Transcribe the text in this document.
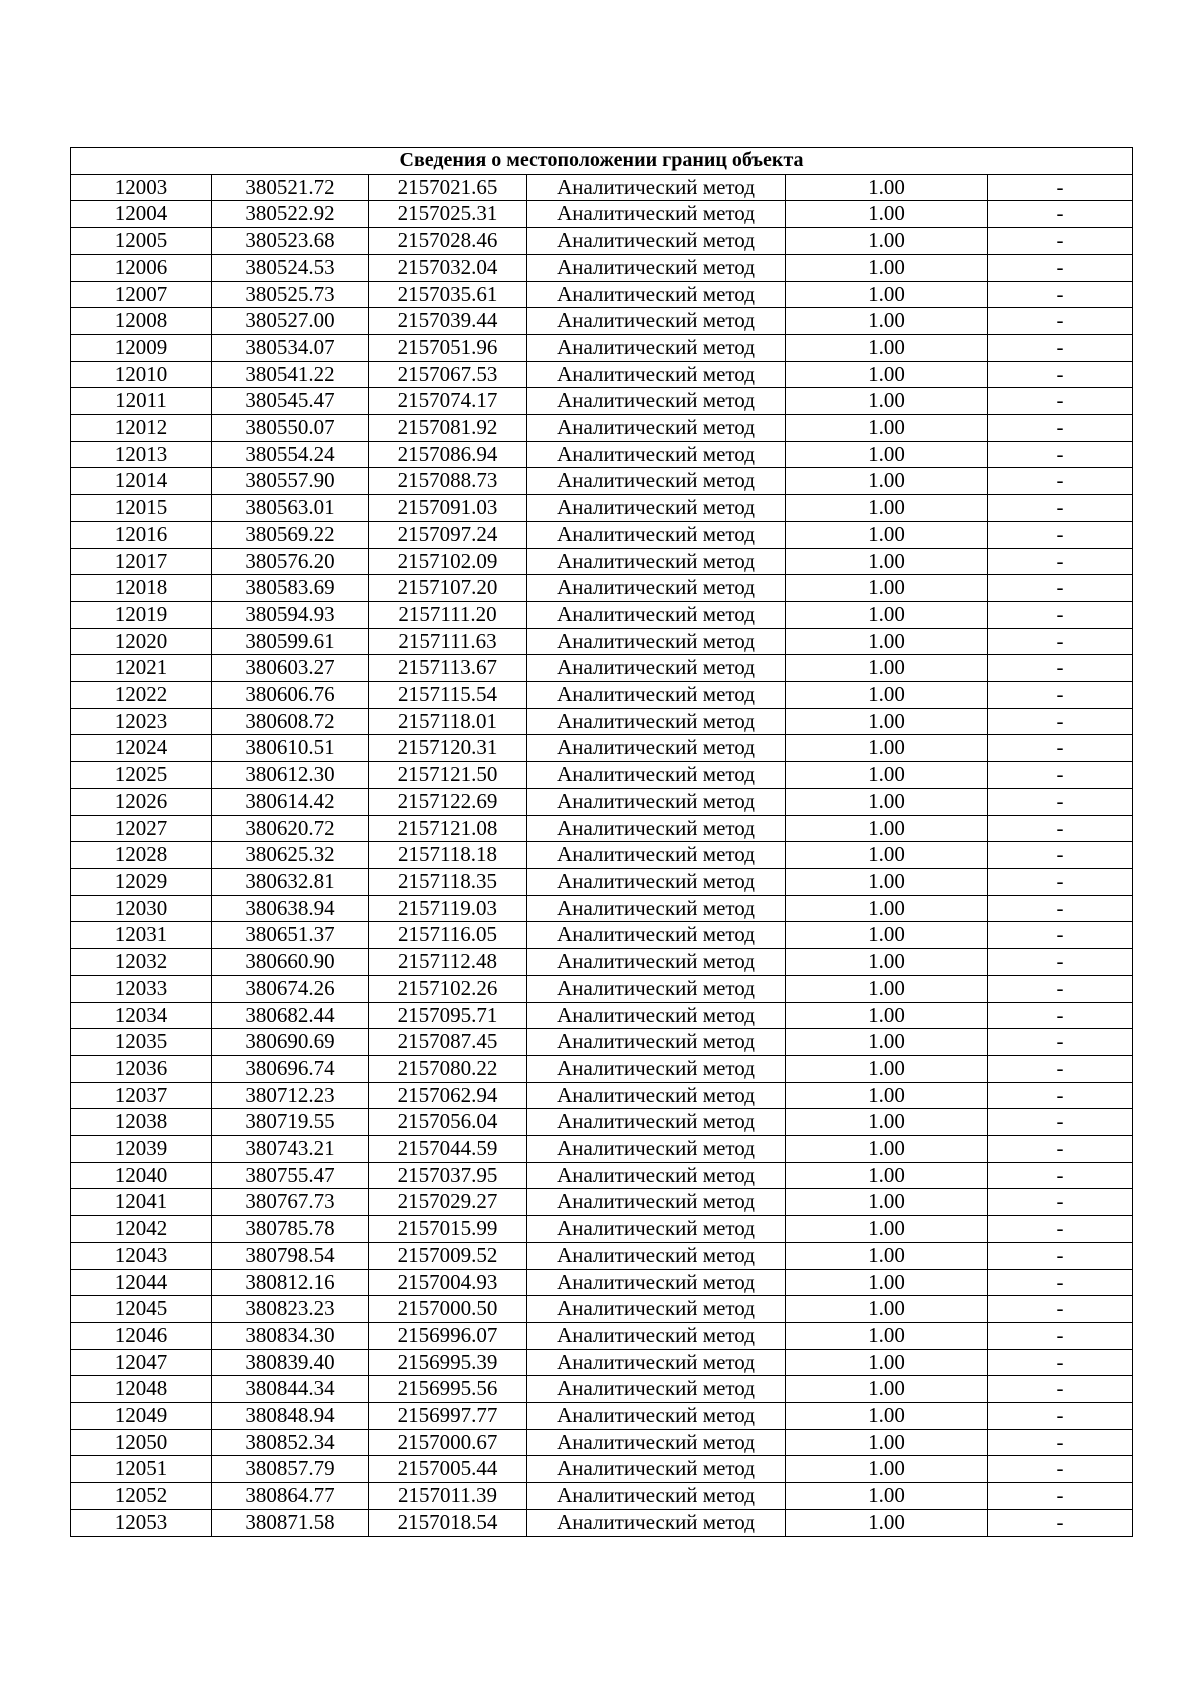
Сведения о местоположении границ объекта					
12003	380521.72	2157021.65	Аналитический метод	1.00	-
12004	380522.92	2157025.31	Аналитический метод	1.00	-
12005	380523.68	2157028.46	Аналитический метод	1.00	-
12006	380524.53	2157032.04	Аналитический метод	1.00	-
12007	380525.73	2157035.61	Аналитический метод	1.00	-
12008	380527.00	2157039.44	Аналитический метод	1.00	-
12009	380534.07	2157051.96	Аналитический метод	1.00	-
12010	380541.22	2157067.53	Аналитический метод	1.00	-
12011	380545.47	2157074.17	Аналитический метод	1.00	-
12012	380550.07	2157081.92	Аналитический метод	1.00	-
12013	380554.24	2157086.94	Аналитический метод	1.00	-
12014	380557.90	2157088.73	Аналитический метод	1.00	-
12015	380563.01	2157091.03	Аналитический метод	1.00	-
12016	380569.22	2157097.24	Аналитический метод	1.00	-
12017	380576.20	2157102.09	Аналитический метод	1.00	-
12018	380583.69	2157107.20	Аналитический метод	1.00	-
12019	380594.93	2157111.20	Аналитический метод	1.00	-
12020	380599.61	2157111.63	Аналитический метод	1.00	-
12021	380603.27	2157113.67	Аналитический метод	1.00	-
12022	380606.76	2157115.54	Аналитический метод	1.00	-
12023	380608.72	2157118.01	Аналитический метод	1.00	-
12024	380610.51	2157120.31	Аналитический метод	1.00	-
12025	380612.30	2157121.50	Аналитический метод	1.00	-
12026	380614.42	2157122.69	Аналитический метод	1.00	-
12027	380620.72	2157121.08	Аналитический метод	1.00	-
12028	380625.32	2157118.18	Аналитический метод	1.00	-
12029	380632.81	2157118.35	Аналитический метод	1.00	-
12030	380638.94	2157119.03	Аналитический метод	1.00	-
12031	380651.37	2157116.05	Аналитический метод	1.00	-
12032	380660.90	2157112.48	Аналитический метод	1.00	-
12033	380674.26	2157102.26	Аналитический метод	1.00	-
12034	380682.44	2157095.71	Аналитический метод	1.00	-
12035	380690.69	2157087.45	Аналитический метод	1.00	-
12036	380696.74	2157080.22	Аналитический метод	1.00	-
12037	380712.23	2157062.94	Аналитический метод	1.00	-
12038	380719.55	2157056.04	Аналитический метод	1.00	-
12039	380743.21	2157044.59	Аналитический метод	1.00	-
12040	380755.47	2157037.95	Аналитический метод	1.00	-
12041	380767.73	2157029.27	Аналитический метод	1.00	-
12042	380785.78	2157015.99	Аналитический метод	1.00	-
12043	380798.54	2157009.52	Аналитический метод	1.00	-
12044	380812.16	2157004.93	Аналитический метод	1.00	-
12045	380823.23	2157000.50	Аналитический метод	1.00	-
12046	380834.30	2156996.07	Аналитический метод	1.00	-
12047	380839.40	2156995.39	Аналитический метод	1.00	-
12048	380844.34	2156995.56	Аналитический метод	1.00	-
12049	380848.94	2156997.77	Аналитический метод	1.00	-
12050	380852.34	2157000.67	Аналитический метод	1.00	-
12051	380857.79	2157005.44	Аналитический метод	1.00	-
12052	380864.77	2157011.39	Аналитический метод	1.00	-
12053	380871.58	2157018.54	Аналитический метод	1.00	-
